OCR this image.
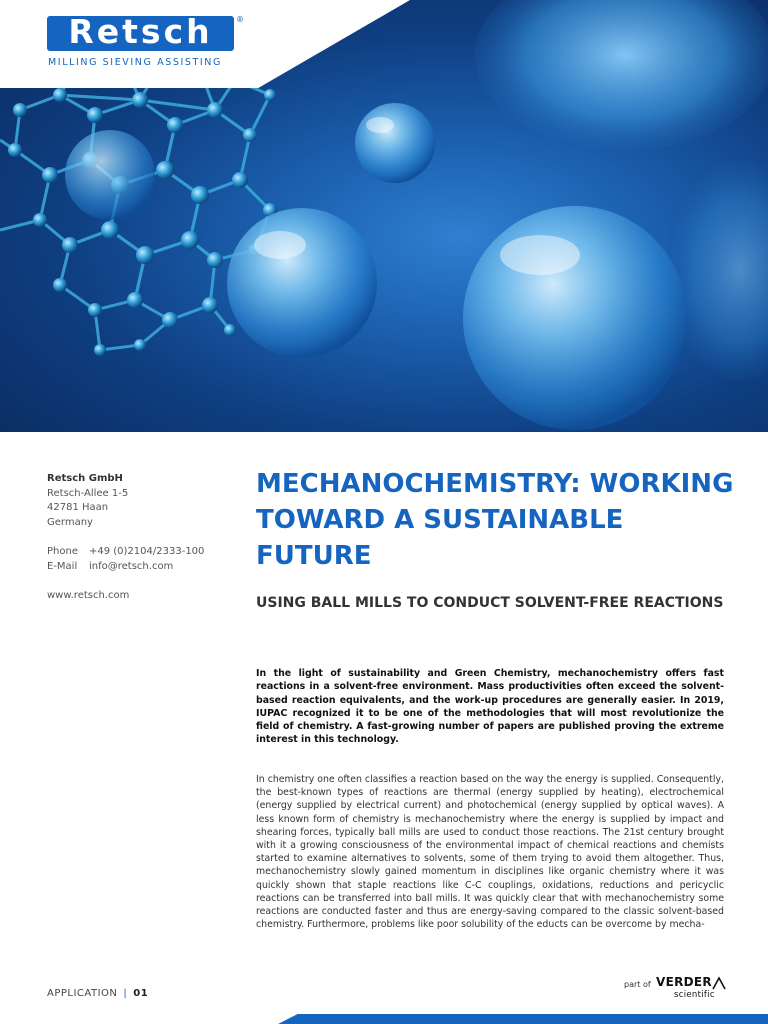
Retsch	®
MILLING SIEVING ASSISTING
Retsch GmbH
Retsch-Allee 1-5
42781 Haan
Germany
Phone	+49 (0)2104/2333-100
E-Mail	info@retsch.com
www.retsch.com
MECHANOCHEMISTRY: WORKING TOWARD A SUSTAINABLE FUTURE
USING BALL MILLS TO CONDUCT SOLVENT-FREE REACTIONS

In the light of sustainability and Green Chemistry, mechanochemistry offers fast reactions in a solvent-free environment. Mass productivities often exceed the solvent-based reaction equivalents, and the work-up procedures are generally easier. In 2019, IUPAC recognized it to be one of the methodologies that will most revolutionize the field of chemistry. A fast-growing number of papers are published proving the extreme interest in this technology.

In chemistry one often classifies a reaction based on the way the energy is supplied. Consequently, the best-known types of reactions are thermal (energy supplied by heating), electrochemical (energy supplied by electrical current) and photochemical (energy supplied by optical waves). A less known form of chemistry is mechanochemistry where the energy is supplied by impact and shearing forces, typically ball mills are used to conduct those reactions. The 21st century brought with it a growing consciousness of the environmental impact of chemical reactions and chemists started to examine alternatives to solvents, some of them trying to avoid them altogether. Thus, mechanochemistry slowly gained momentum in disciplines like organic chemistry where it was quickly shown that staple reactions like C-C couplings, oxidations, reductions and pericyclic reactions can be transferred into ball mills. It was quickly clear that with mechanochemistry some reactions are conducted faster and thus are energy-saving compared to the classic solvent-based chemistry. Furthermore, problems like poor solubility of the educts can be overcome by mecha-

APPLICATION | 01
part of VERDER
scientific
